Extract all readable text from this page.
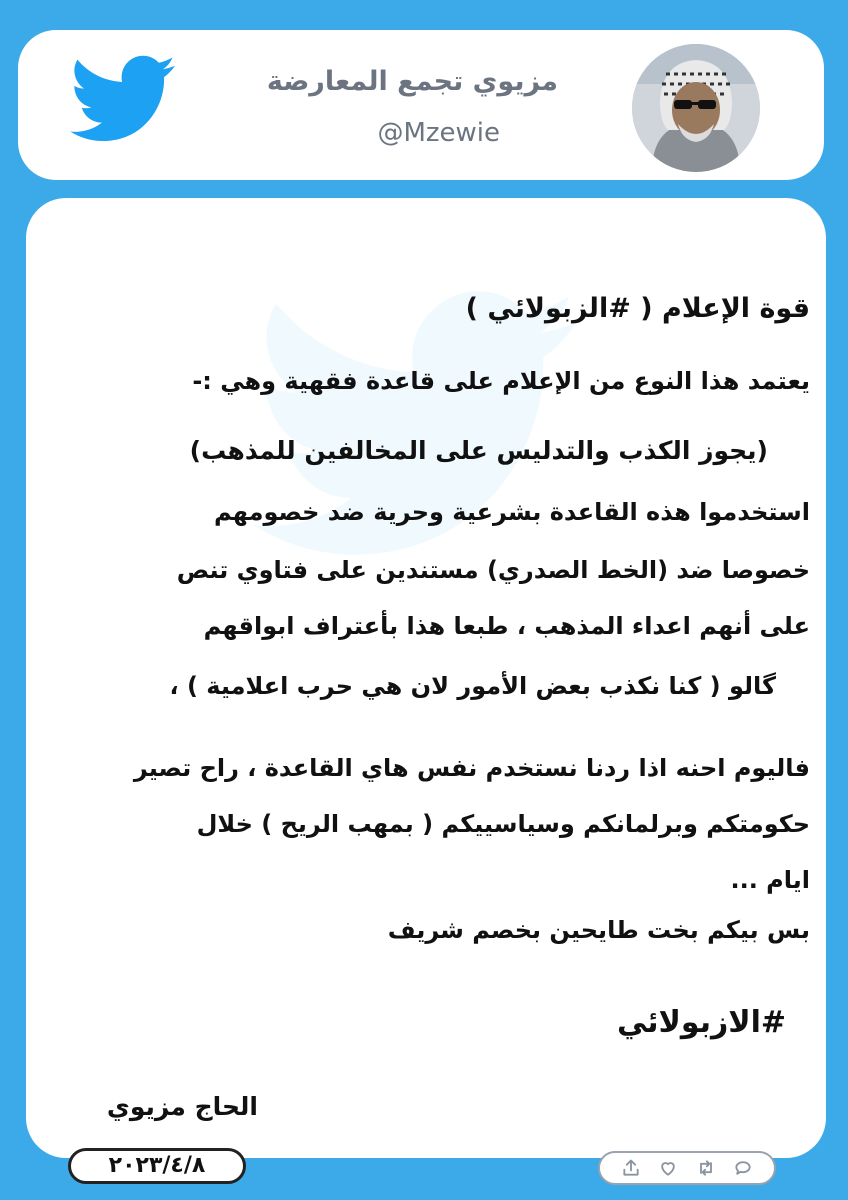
مزيوي تجمع المعارضة
@Mzewie
قوة الإعلام ( #الزبولائي )
يعتمد هذا النوع من الإعلام على قاعدة فقهية وهي :-
(يجوز الكذب والتدليس على المخالفين للمذهب)
استخدموا هذه القاعدة بشرعية وحرية ضد خصومهم
خصوصا ضد (الخط الصدري) مستندين على فتاوي تنص
على أنهم اعداء المذهب ، طبعا هذا بأعتراف ابواقهم
گالو ( كنا نكذب بعض الأمور لان هي حرب اعلامية ) ،
فاليوم احنه اذا ردنا نستخدم نفس هاي القاعدة ، راح تصير
حكومتكم وبرلمانكم وسياسييكم ( بمهب الريح ) خلال
ايام ...
بس بيكم بخت طايحين بخصم شريف
#الازبولائي
الحاج مزيوي
٢٠٢٣/٤/٨
